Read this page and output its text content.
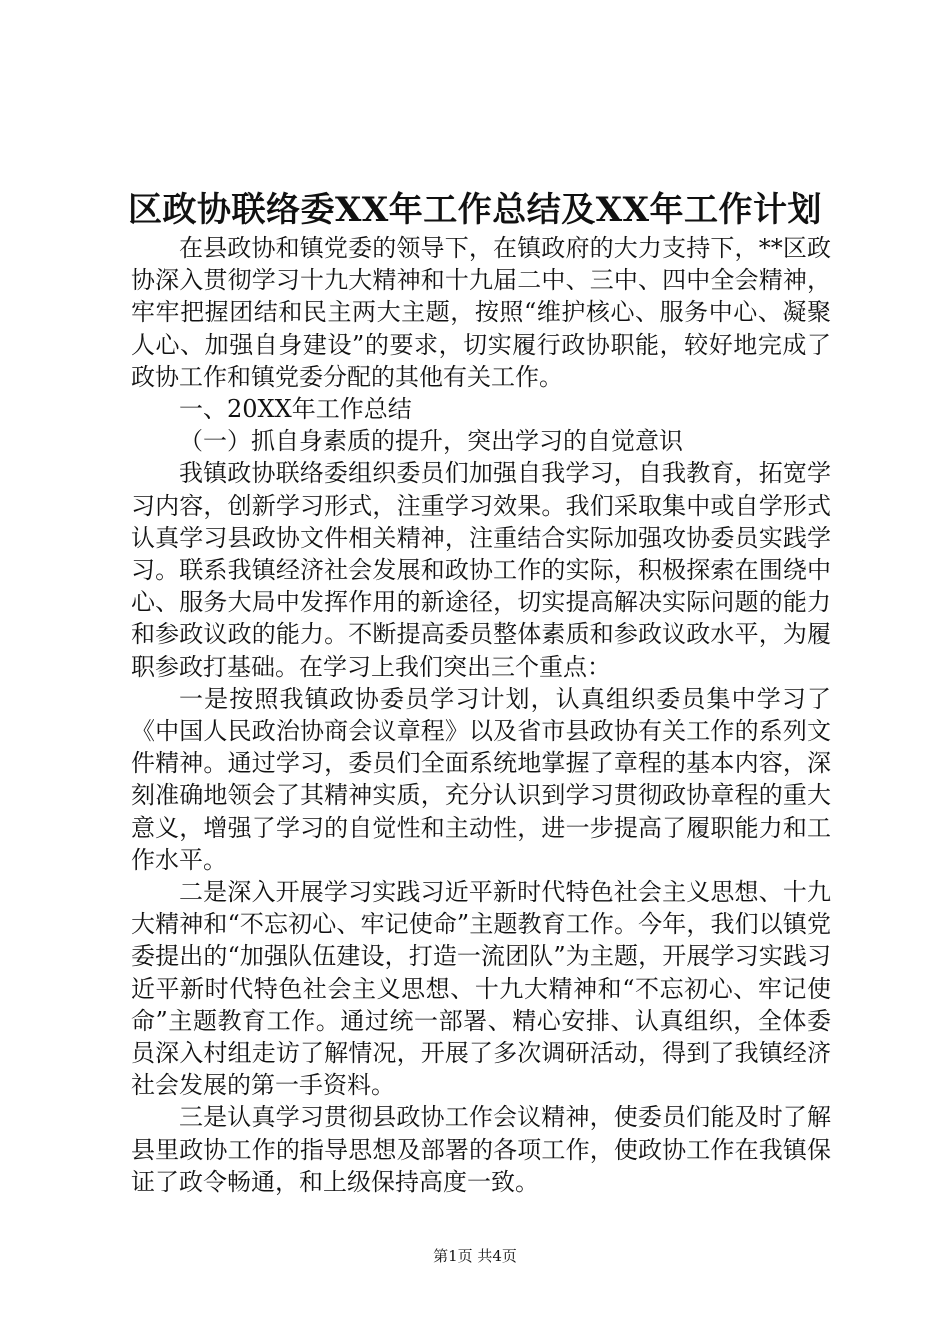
区政协联络委XX年工作总结及XX年工作计划

在县政协和镇党委的领导下，在镇政府的大力支持下，**区政协深入贯彻学习十九大精神和十九届二中、三中、四中全会精神，牢牢把握团结和民主两大主题，按照“维护核心、服务中心、凝聚人心、加强自身建设”的要求，切实履行政协职能，较好地完成了政协工作和镇党委分配的其他有关工作。

一、20XX年工作总结

（一）抓自身素质的提升，突出学习的自觉意识

我镇政协联络委组织委员们加强自我学习，自我教育，拓宽学习内容，创新学习形式，注重学习效果。我们采取集中或自学形式认真学习县政协文件相关精神，注重结合实际加强攻协委员实践学习。联系我镇经济社会发展和政协工作的实际，积极探索在围绕中心、服务大局中发挥作用的新途径，切实提高解决实际问题的能力和参政议政的能力。不断提高委员整体素质和参政议政水平，为履职参政打基础。在学习上我们突出三个重点：

一是按照我镇政协委员学习计划，认真组织委员集中学习了《中国人民政治协商会议章程》以及省市县政协有关工作的系列文件精神。通过学习，委员们全面系统地掌握了章程的基本内容，深刻准确地领会了其精神实质，充分认识到学习贯彻政协章程的重大意义，增强了学习的自觉性和主动性，进一步提高了履职能力和工作水平。

二是深入开展学习实践习近平新时代特色社会主义思想、十九大精神和“不忘初心、牢记使命”主题教育工作。今年，我们以镇党委提出的“加强队伍建设，打造一流团队”为主题，开展学习实践习近平新时代特色社会主义思想、十九大精神和“不忘初心、牢记使命”主题教育工作。通过统一部署、精心安排、认真组织，全体委员深入村组走访了解情况，开展了多次调研活动，得到了我镇经济社会发展的第一手资料。

三是认真学习贯彻县政协工作会议精神，使委员们能及时了解县里政协工作的指导思想及部署的各项工作，使政协工作在我镇保证了政令畅通，和上级保持高度一致。

第1页 共4页
